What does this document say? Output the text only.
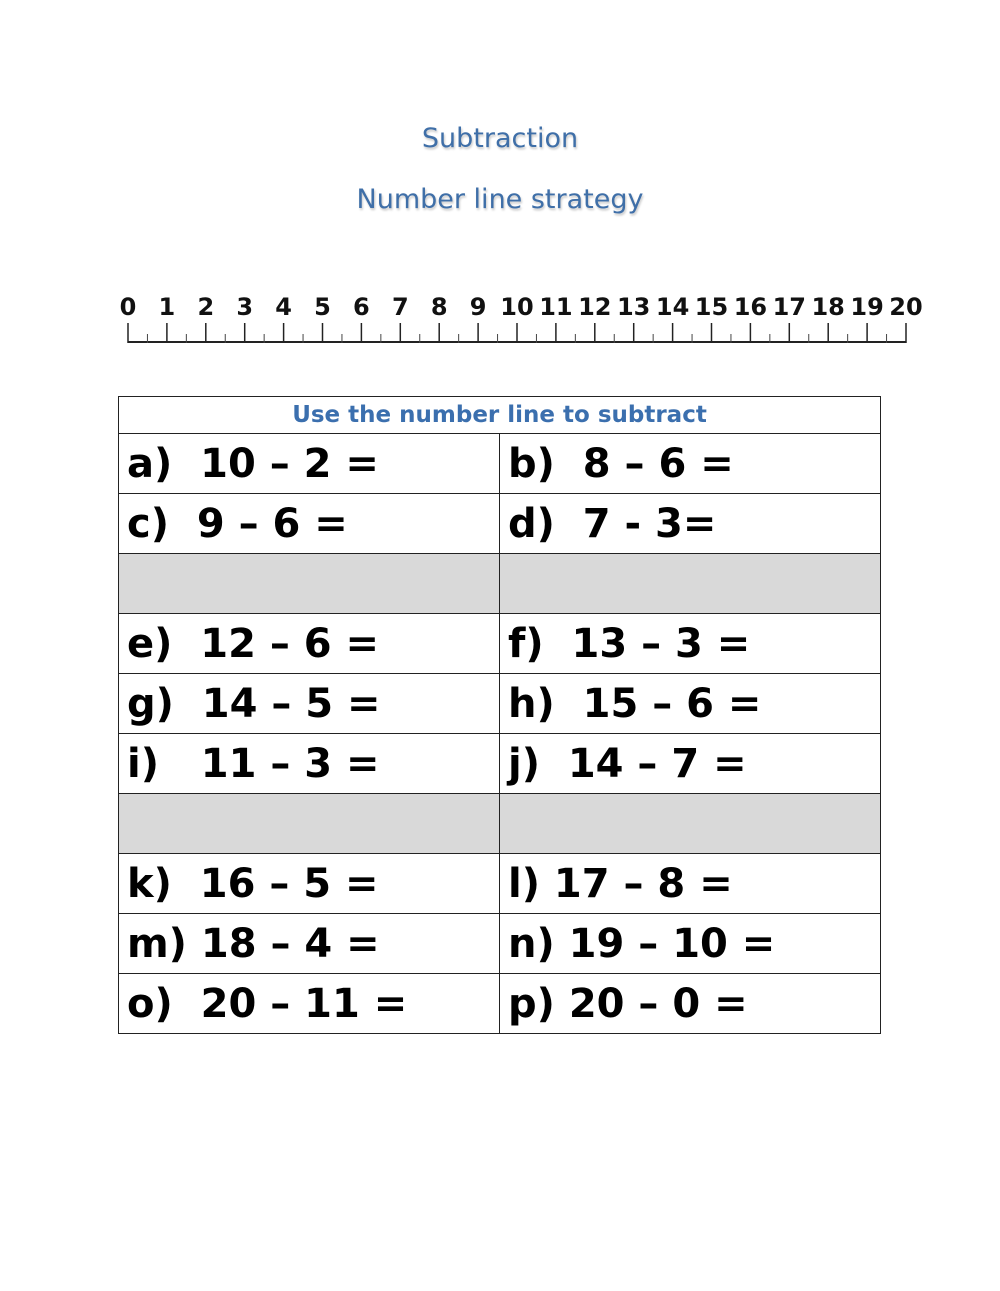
Subtraction
Number line strategy
0 1 2 3 4 5 6 7 8 9 10 11 12 13 14 15 16 17 18 19 20
Use the number line to subtract	
a)  10 – 2 =	b)  8 – 6 =
c)  9 – 6 =	d)  7 - 3=

e)  12 – 6 =	f)  13 – 3 =
g)  14 – 5 =	h)  15 – 6 =
i)   11 – 3 =	j)  14 – 7 =

k)  16 – 5 =	l) 17 – 8 =
m) 18 – 4 =	n) 19 – 10 =
o)  20 – 11 =	p) 20 – 0 =
